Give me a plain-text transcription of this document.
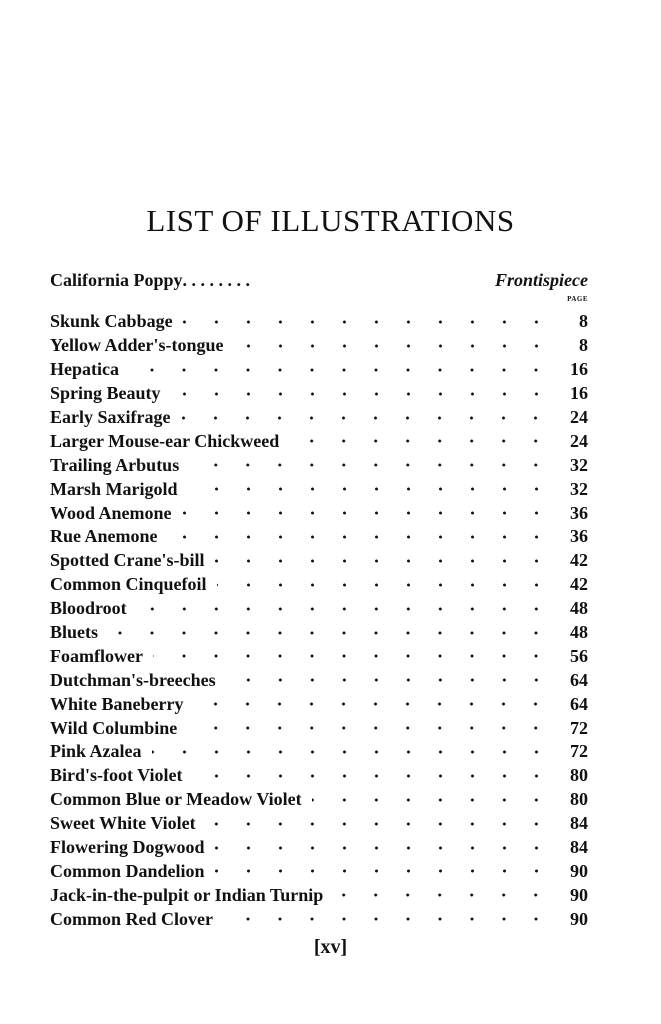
LIST OF ILLUSTRATIONS
California Poppy . . . . . . . .	Frontispiece
PAGE
Skunk Cabbage	8
Yellow Adder's-tongue	8
Hepatica	16
Spring Beauty	16
Early Saxifrage	24
Larger Mouse-ear Chickweed	24
Trailing Arbutus	32
Marsh Marigold	32
Wood Anemone	36
Rue Anemone	36
Spotted Crane's-bill	42
Common Cinquefoil	42
Bloodroot	48
Bluets	48
Foamflower	56
Dutchman's-breeches	64
White Baneberry	64
Wild Columbine	72
Pink Azalea	72
Bird's-foot Violet	80
Common Blue or Meadow Violet	80
Sweet White Violet	84
Flowering Dogwood	84
Common Dandelion	90
Jack-in-the-pulpit or Indian Turnip	90
Common Red Clover	90
[xv]
